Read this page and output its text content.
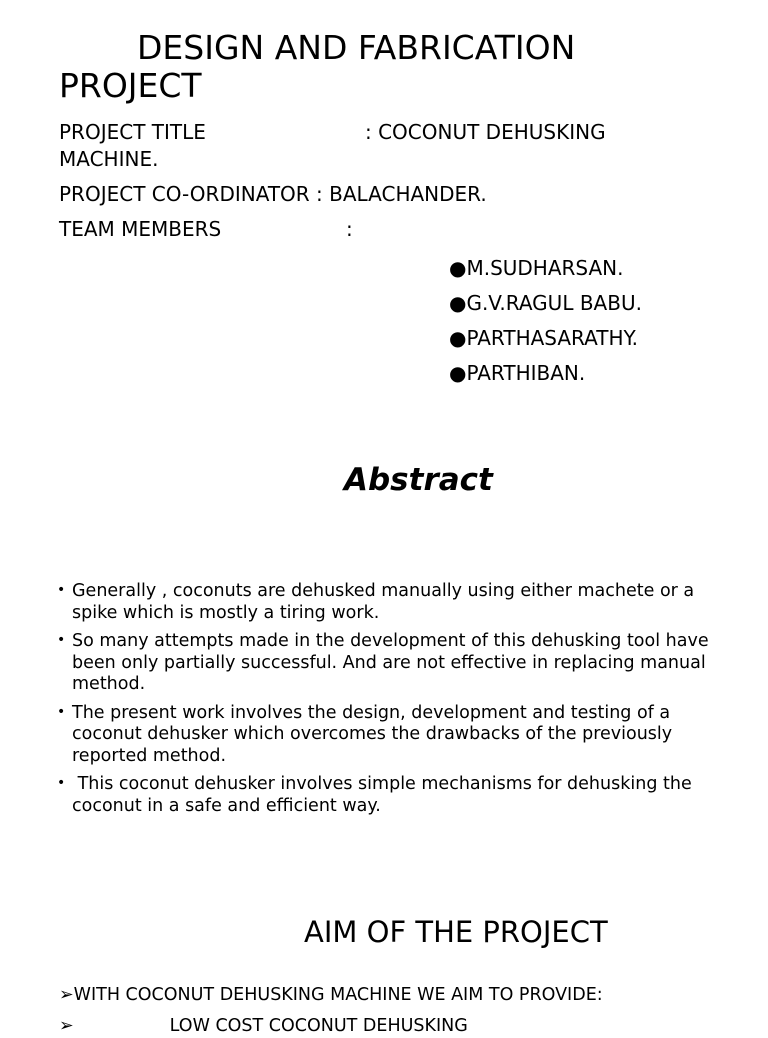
DESIGN AND FABRICATION
PROJECT
PROJECT TITLE	: COCONUT DEHUSKING
MACHINE.
PROJECT CO-ORDINATOR : BALACHANDER.
TEAM MEMBERS	:
●M.SUDHARSAN.
●G.V.RAGUL BABU.
●PARTHASARATHY.
●PARTHIBAN.
Abstract
• Generally , coconuts are dehusked manually using either machete or a spike which is mostly a tiring work.
• So many attempts made in the development of this dehusking tool have been only partially successful. And are not effective in replacing manual method.
• The present work involves the design, development and testing of a coconut dehusker which overcomes the drawbacks of the previously reported method.
• This coconut dehusker involves simple mechanisms for dehusking the coconut in a safe and efficient way.
AIM OF THE PROJECT
➢WITH COCONUT DEHUSKING MACHINE WE AIM TO PROVIDE:
➢	LOW COST COCONUT DEHUSKING
